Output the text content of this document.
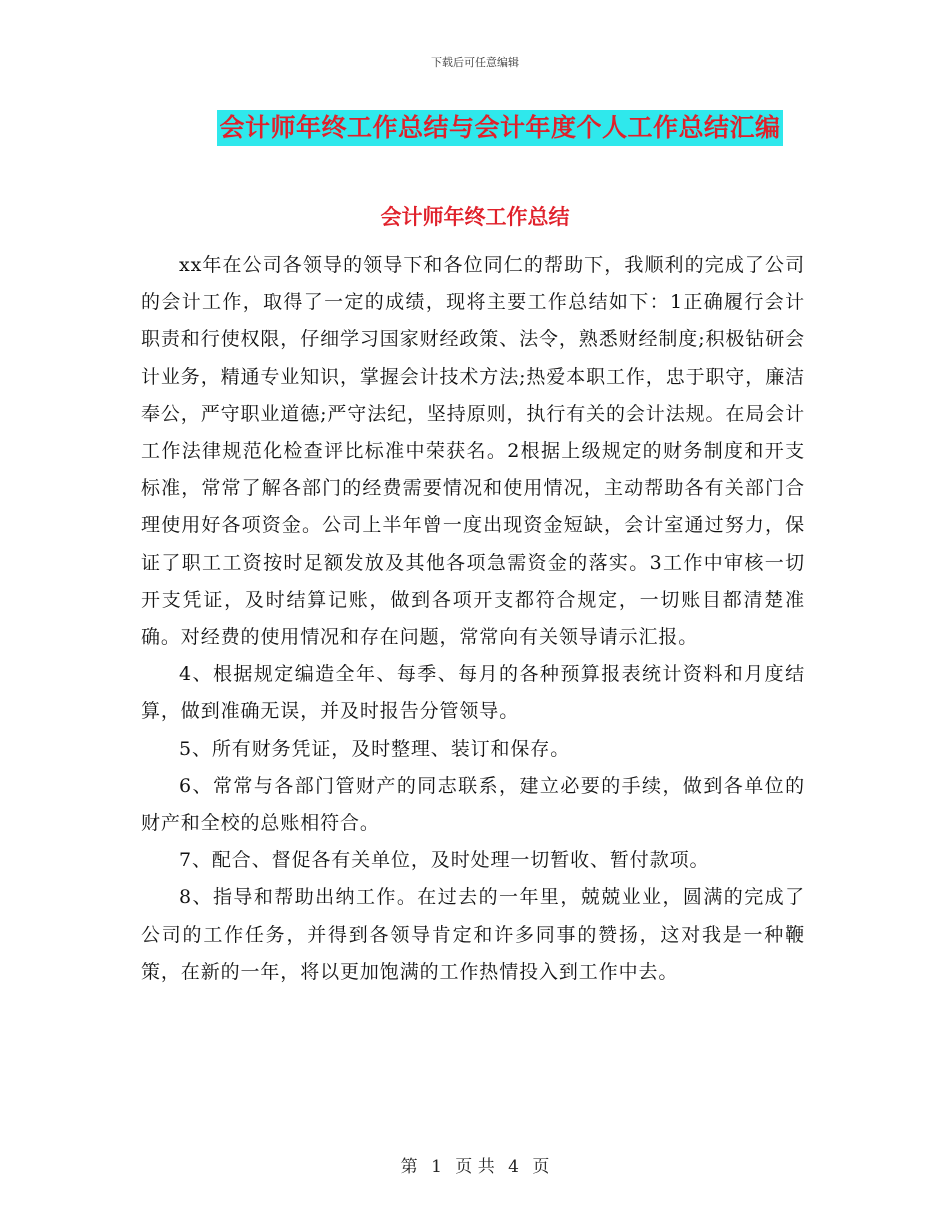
下载后可任意编辑
会计师年终工作总结与会计年度个人工作总结汇编
会计师年终工作总结

xx年在公司各领导的领导下和各位同仁的帮助下，我顺利的完成了公司的会计工作，取得了一定的成绩，现将主要工作总结如下：1正确履行会计职责和行使权限，仔细学习国家财经政策、法令，熟悉财经制度;积极钻研会计业务，精通专业知识，掌握会计技术方法;热爱本职工作，忠于职守，廉洁奉公，严守职业道德;严守法纪，坚持原则，执行有关的会计法规。在局会计工作法律规范化检查评比标准中荣获名。2根据上级规定的财务制度和开支标准，常常了解各部门的经费需要情况和使用情况，主动帮助各有关部门合理使用好各项资金。公司上半年曾一度出现资金短缺，会计室通过努力，保证了职工工资按时足额发放及其他各项急需资金的落实。3工作中审核一切开支凭证，及时结算记账，做到各项开支都符合规定，一切账目都清楚准确。对经费的使用情况和存在问题，常常向有关领导请示汇报。

4、根据规定编造全年、每季、每月的各种预算报表统计资料和月度结算，做到准确无误，并及时报告分管领导。

5、所有财务凭证，及时整理、装订和保存。

6、常常与各部门管财产的同志联系，建立必要的手续，做到各单位的财产和全校的总账相符合。

7、配合、督促各有关单位，及时处理一切暂收、暂付款项。

8、指导和帮助出纳工作。在过去的一年里，兢兢业业，圆满的完成了公司的工作任务，并得到各领导肯定和许多同事的赞扬，这对我是一种鞭策，在新的一年，将以更加饱满的工作热情投入到工作中去。

第 1 页 共 4 页
